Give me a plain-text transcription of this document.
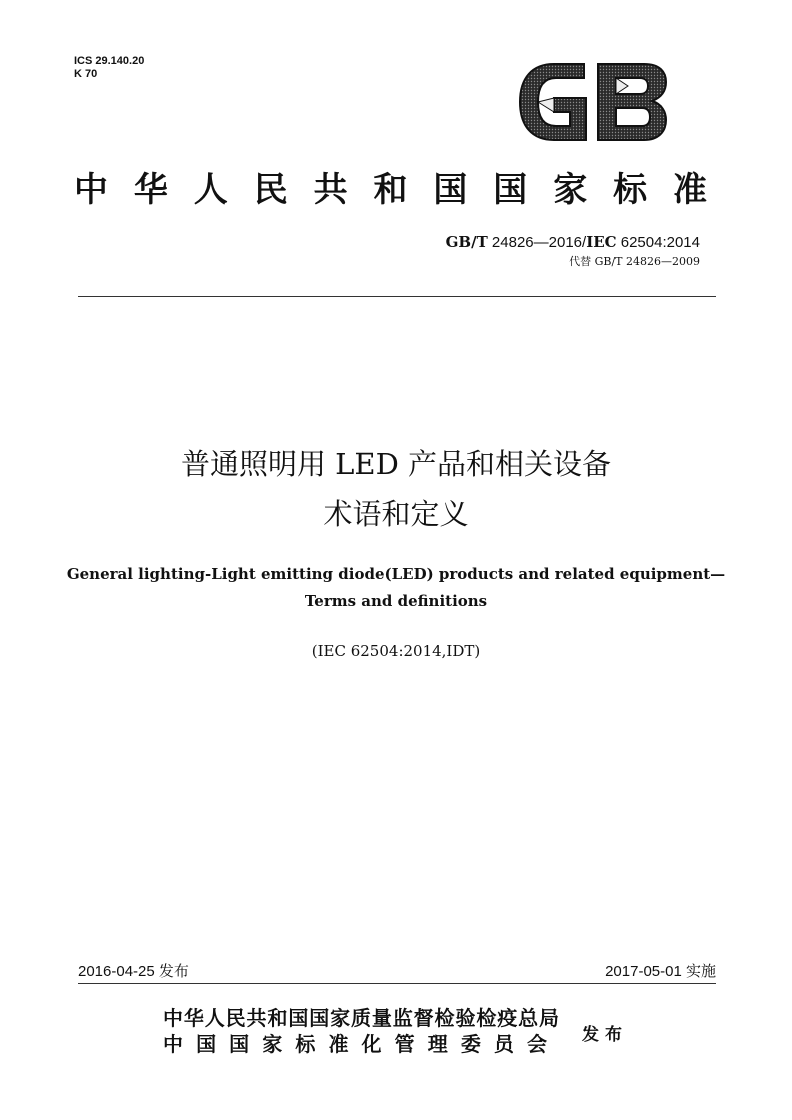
ICS 29.140.20
K 70
中华人民共和国国家标准
GB/T 24826—2016/IEC 62504:2014
代替 GB/T 24826—2009
普通照明用 LED 产品和相关设备
术语和定义
General lighting-Light emitting diode(LED) products and related equipment—
Terms and definitions
(IEC 62504:2014,IDT)
2016-04-25 发布	2017-05-01 实施
中华人民共和国国家质量监督检验检疫总局
中国国家标准化管理委员会 发布
